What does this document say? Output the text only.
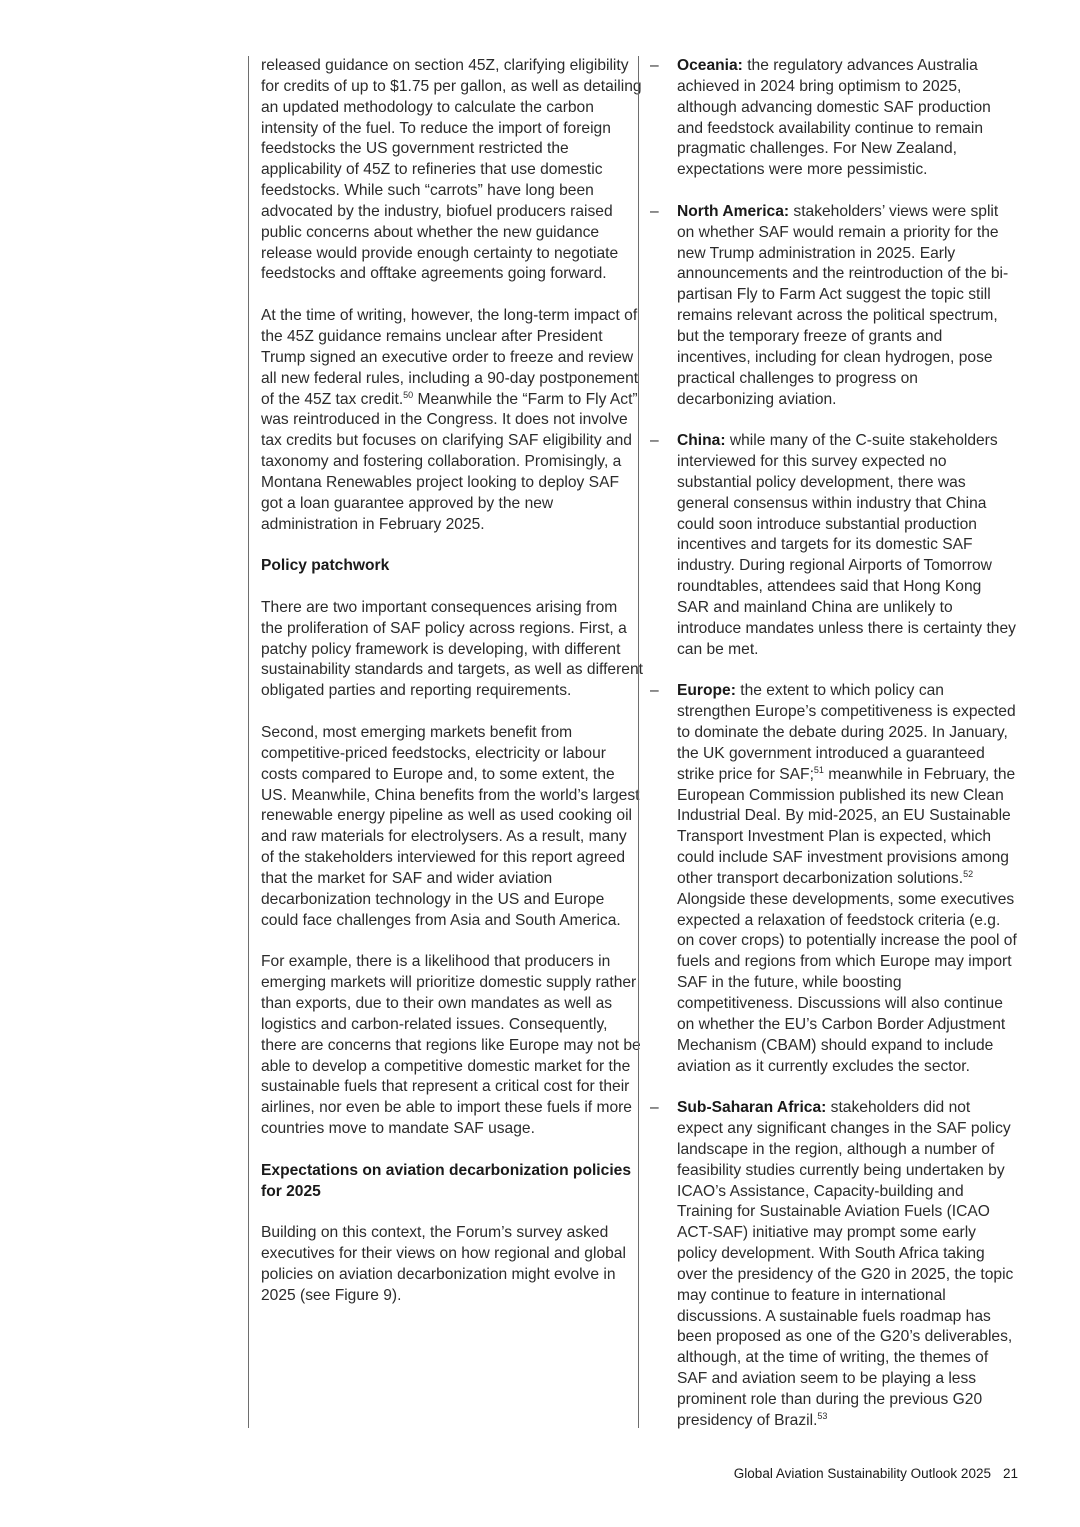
released guidance on section 45Z, clarifying eligibility for credits of up to $1.75 per gallon, as well as detailing an updated methodology to calculate the carbon intensity of the fuel. To reduce the import of foreign feedstocks the US government restricted the applicability of 45Z to refineries that use domestic feedstocks. While such “carrots” have long been advocated by the industry, biofuel producers raised public concerns about whether the new guidance release would provide enough certainty to negotiate feedstocks and offtake agreements going forward.

At the time of writing, however, the long-term impact of the 45Z guidance remains unclear after President Trump signed an executive order to freeze and review all new federal rules, including a 90-day postponement of the 45Z tax credit.$^{50}$ Meanwhile the “Farm to Fly Act” was reintroduced in the Congress. It does not involve tax credits but focuses on clarifying SAF eligibility and taxonomy and fostering collaboration. Promisingly, a Montana Renewables project looking to deploy SAF got a loan guarantee approved by the new administration in February 2025.

Policy patchwork

There are two important consequences arising from the proliferation of SAF policy across regions. First, a patchy policy framework is developing, with different sustainability standards and targets, as well as different obligated parties and reporting requirements.

Second, most emerging markets benefit from competitive-priced feedstocks, electricity or labour costs compared to Europe and, to some extent, the US. Meanwhile, China benefits from the world’s largest renewable energy pipeline as well as used cooking oil and raw materials for electrolysers. As a result, many of the stakeholders interviewed for this report agreed that the market for SAF and wider aviation decarbonization technology in the US and Europe could face challenges from Asia and South America.

For example, there is a likelihood that producers in emerging markets will prioritize domestic supply rather than exports, due to their own mandates as well as logistics and carbon-related issues. Consequently, there are concerns that regions like Europe may not be able to develop a competitive domestic market for the sustainable fuels that represent a critical cost for their airlines, nor even be able to import these fuels if more countries move to mandate SAF usage.

Expectations on aviation decarbonization policies for 2025

Building on this context, the Forum’s survey asked executives for their views on how regional and global policies on aviation decarbonization might evolve in 2025 (see Figure 9).

– Oceania: the regulatory advances Australia achieved in 2024 bring optimism to 2025, although advancing domestic SAF production and feedstock availability continue to remain pragmatic challenges. For New Zealand, expectations were more pessimistic.
– North America: stakeholders’ views were split on whether SAF would remain a priority for the new Trump administration in 2025. Early announcements and the reintroduction of the bi-partisan Fly to Farm Act suggest the topic still remains relevant across the political spectrum, but the temporary freeze of grants and incentives, including for clean hydrogen, pose practical challenges to progress on decarbonizing aviation.
– China: while many of the C-suite stakeholders interviewed for this survey expected no substantial policy development, there was general consensus within industry that China could soon introduce substantial production incentives and targets for its domestic SAF industry. During regional Airports of Tomorrow roundtables, attendees said that Hong Kong SAR and mainland China are unlikely to introduce mandates unless there is certainty they can be met.
– Europe: the extent to which policy can strengthen Europe’s competitiveness is expected to dominate the debate during 2025. In January, the UK government introduced a guaranteed strike price for SAF;$^{51}$ meanwhile in February, the European Commission published its new Clean Industrial Deal. By mid-2025, an EU Sustainable Transport Investment Plan is expected, which could include SAF investment provisions among other transport decarbonization solutions.$^{52}$ Alongside these developments, some executives expected a relaxation of feedstock criteria (e.g. on cover crops) to potentially increase the pool of fuels and regions from which Europe may import SAF in the future, while boosting competitiveness. Discussions will also continue on whether the EU’s Carbon Border Adjustment Mechanism (CBAM) should expand to include aviation as it currently excludes the sector.
– Sub-Saharan Africa: stakeholders did not expect any significant changes in the SAF policy landscape in the region, although a number of feasibility studies currently being undertaken by ICAO’s Assistance, Capacity-building and Training for Sustainable Aviation Fuels (ICAO ACT-SAF) initiative may prompt some early policy development. With South Africa taking over the presidency of the G20 in 2025, the topic may continue to feature in international discussions. A sustainable fuels roadmap has been proposed as one of the G20’s deliverables, although, at the time of writing, the themes of SAF and aviation seem to be playing a less prominent role than during the previous G20 presidency of Brazil.$^{53}$
Global Aviation Sustainability Outlook 2025 21
